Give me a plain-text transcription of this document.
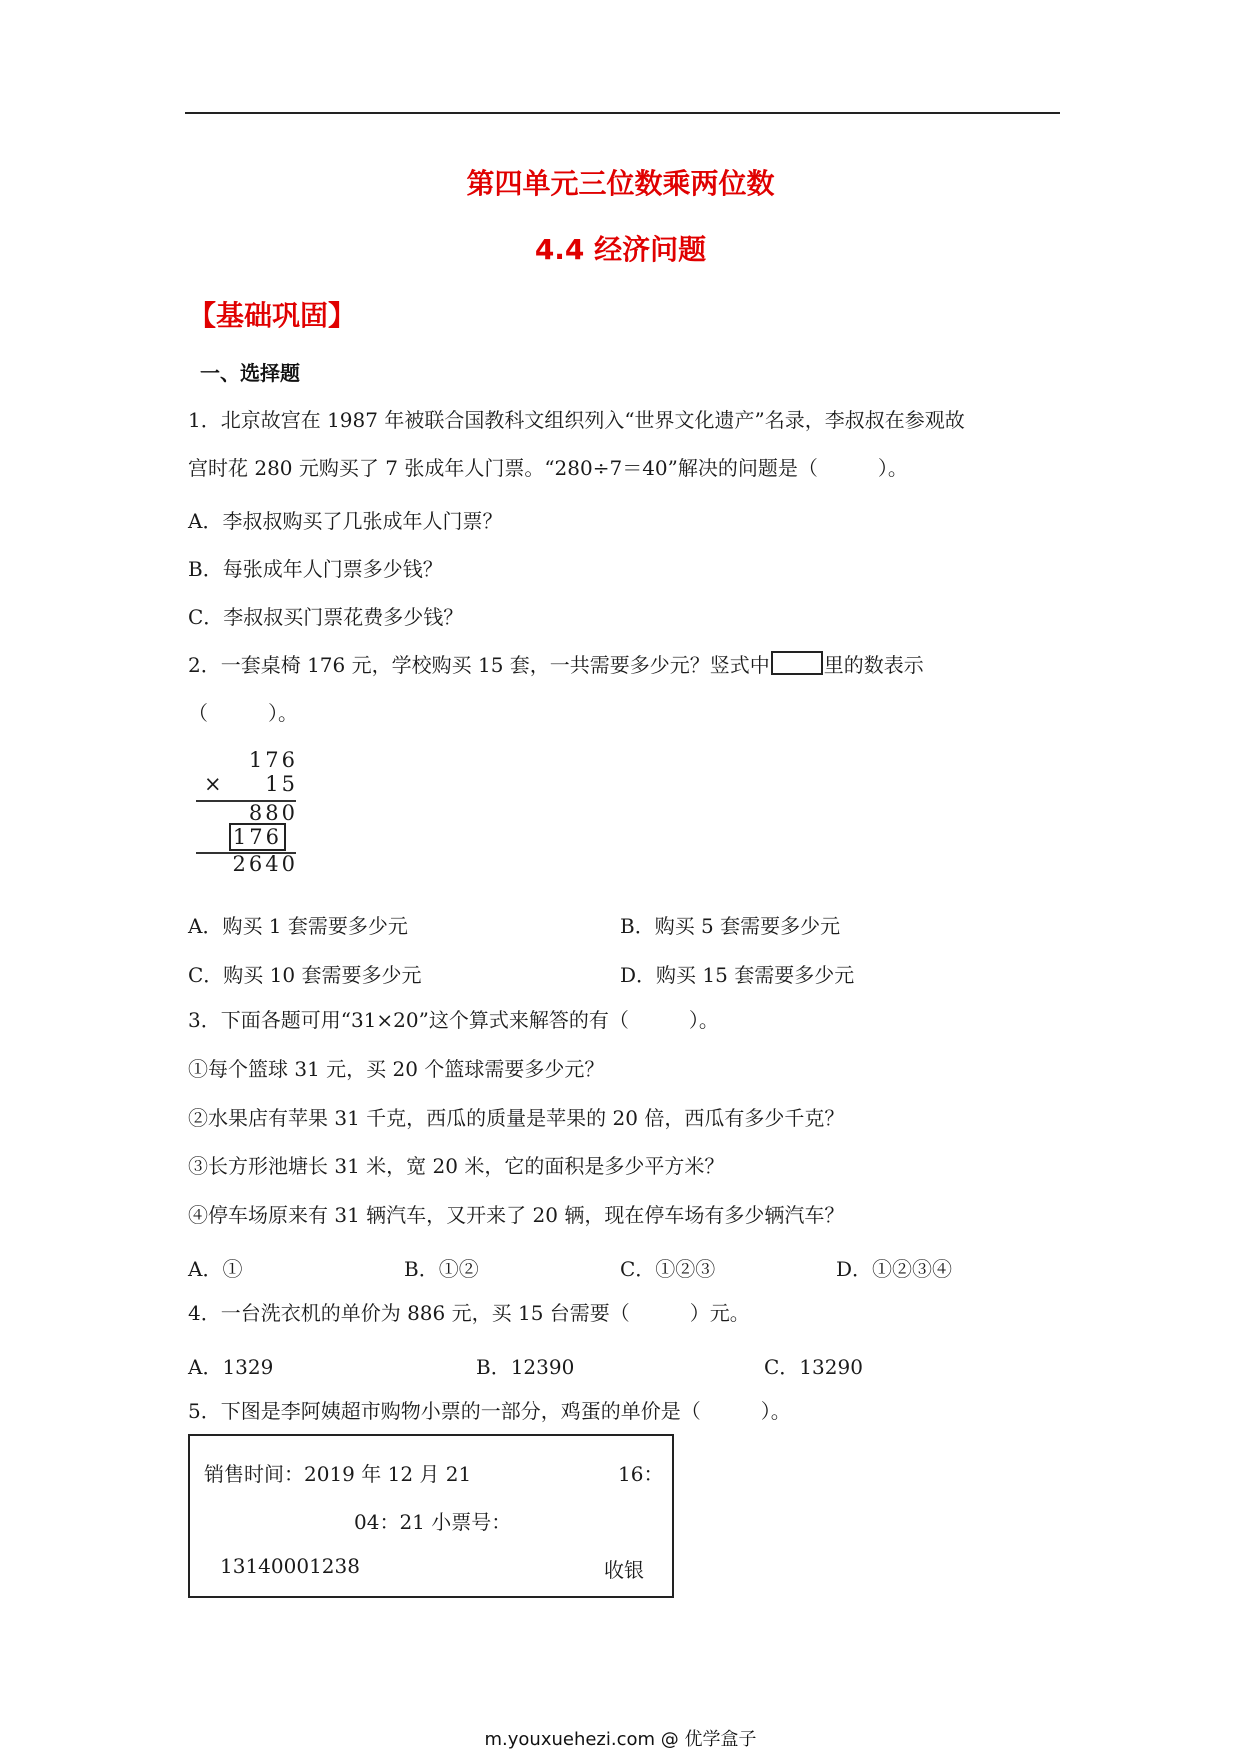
第四单元三位数乘两位数
4.4 经济问题
【基础巩固】
一、选择题
1．北京故宫在 1987 年被联合国教科文组织列入“世界文化遗产”名录，李叔叔在参观故
宫时花 280 元购买了 7 张成年人门票。“280÷7＝40”解决的问题是（　　　）。
A．李叔叔购买了几张成年人门票？
B．每张成年人门票多少钱？
C．李叔叔买门票花费多少钱？
2．一套桌椅 176 元，学校购买 15 套，一共需要多少元？竖式中	里的数表示
（　　　）。
176
× 15
880
176
2640
A．购买 1 套需要多少元	B．购买 5 套需要多少元
C．购买 10 套需要多少元	D．购买 15 套需要多少元
3．下面各题可用“31×20”这个算式来解答的有（　　　）。
①每个篮球 31 元，买 20 个篮球需要多少元？
②水果店有苹果 31 千克，西瓜的质量是苹果的 20 倍，西瓜有多少千克？
③长方形池塘长 31 米，宽 20 米，它的面积是多少平方米？
④停车场原来有 31 辆汽车，又开来了 20 辆，现在停车场有多少辆汽车？
A．①	B．①②	C．①②③	D．①②③④
4．一台洗衣机的单价为 886 元，买 15 台需要（　　　）元。
A．1329	B．12390	C．13290
5．下图是李阿姨超市购物小票的一部分，鸡蛋的单价是（　　　）。
销售时间：2019 年 12 月 21	16：
04：21 小票号：
13140001238	收银
m.youxuehezi.com @ 优学盒子
